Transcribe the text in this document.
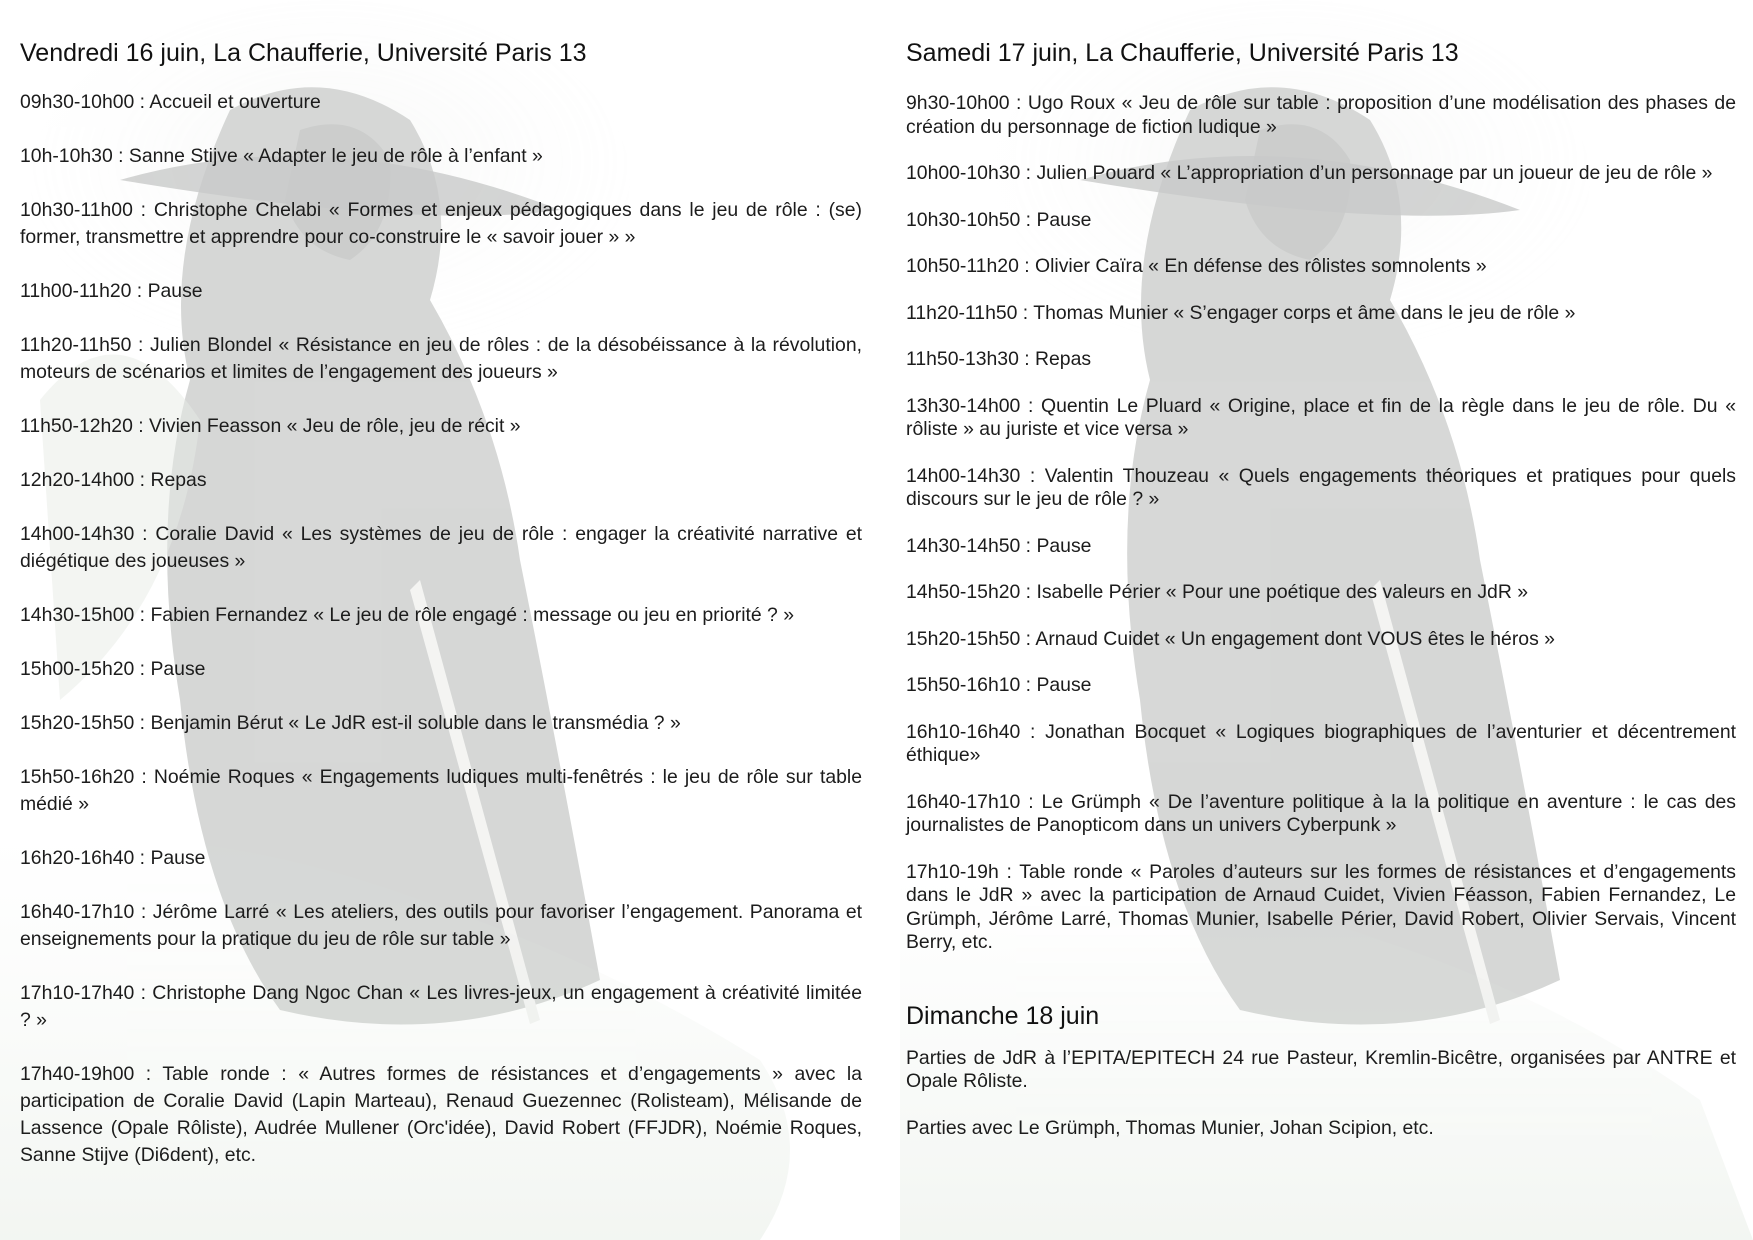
Vendredi 16 juin, La Chaufferie, Université Paris 13

09h30-10h00 : Accueil et ouverture

10h-10h30 : Sanne Stijve « Adapter le jeu de rôle à l’enfant »

10h30-11h00 : Christophe Chelabi « Formes et enjeux pédagogiques dans le jeu de rôle : (se) former, transmettre et apprendre pour co-construire le « savoir jouer » »

11h00-11h20 : Pause

11h20-11h50 : Julien Blondel « Résistance en jeu de rôles : de la désobéissance à la révolution, moteurs de scénarios et limites de l’engagement des joueurs »

11h50-12h20 : Vivien Feasson « Jeu de rôle, jeu de récit »

12h20-14h00 : Repas

14h00-14h30 : Coralie David « Les systèmes de jeu de rôle : engager la créativité narrative et diégétique des joueuses »

14h30-15h00 : Fabien Fernandez « Le jeu de rôle engagé : message ou jeu en priorité ? »

15h00-15h20 : Pause

15h20-15h50 : Benjamin Bérut « Le JdR est-il soluble dans le transmédia ? »

15h50-16h20 : Noémie Roques « Engagements ludiques multi-fenêtrés : le jeu de rôle sur table médié »

16h20-16h40 : Pause

16h40-17h10 : Jérôme Larré « Les ateliers, des outils pour favoriser l’engagement. Panorama et enseignements pour la pratique du jeu de rôle sur table »

17h10-17h40 : Christophe Dang Ngoc Chan « Les livres-jeux, un engagement à créativité limitée ? »

17h40-19h00 : Table ronde : « Autres formes de résistances et d’engagements » avec la participation de Coralie David (Lapin Marteau), Renaud Guezennec (Rolisteam), Mélisande de Lassence (Opale Rôliste), Audrée Mullener (Orc'idée), David Robert (FFJDR), Noémie Roques, Sanne Stijve (Di6dent), etc.

Samedi 17 juin, La Chaufferie, Université Paris 13

9h30-10h00 : Ugo Roux « Jeu de rôle sur table : proposition d’une modélisation des phases de création du personnage de fiction ludique »

10h00-10h30 : Julien Pouard « L’appropriation d’un personnage par un joueur de jeu de rôle »

10h30-10h50 : Pause

10h50-11h20 : Olivier Caïra « En défense des rôlistes somnolents »

11h20-11h50 : Thomas Munier « S’engager corps et âme dans le jeu de rôle »

11h50-13h30 : Repas

13h30-14h00 : Quentin Le Pluard « Origine, place et fin de la règle dans le jeu de rôle. Du « rôliste » au juriste et vice versa »

14h00-14h30 : Valentin Thouzeau « Quels engagements théoriques et pratiques pour quels discours sur le jeu de rôle ? »

14h30-14h50 : Pause

14h50-15h20 : Isabelle Périer « Pour une poétique des valeurs en JdR »

15h20-15h50 : Arnaud Cuidet « Un engagement dont VOUS êtes le héros »

15h50-16h10 : Pause

16h10-16h40 : Jonathan Bocquet « Logiques biographiques de l’aventurier et décentrement éthique»

16h40-17h10 : Le Grümph « De l’aventure politique à la la politique en aventure : le cas des journalistes de Panopticom dans un univers Cyberpunk »

17h10-19h : Table ronde « Paroles d’auteurs sur les formes de résistances et d’engagements dans le JdR » avec la participation de Arnaud Cuidet, Vivien Féasson, Fabien Fernandez, Le Grümph, Jérôme Larré, Thomas Munier, Isabelle Périer, David Robert, Olivier Servais, Vincent Berry, etc.

Dimanche 18 juin

Parties de JdR à l’EPITA/EPITECH 24 rue Pasteur, Kremlin-Bicêtre, organisées par ANTRE et Opale Rôliste.

Parties avec Le Grümph, Thomas Munier, Johan Scipion, etc.
